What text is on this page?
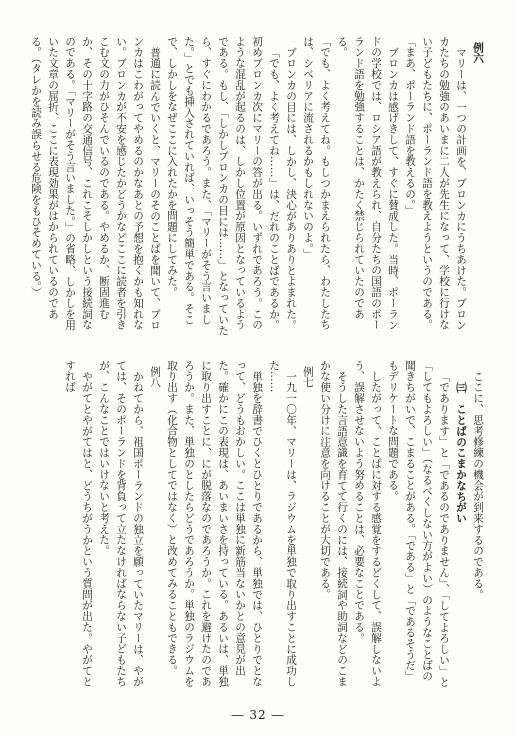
例六

マリーは、一つの計画を、ブロンカにうちあけた。ブロンカたちの勉強のあいまに二人が先生になって、学校に行けない子どもたちに、ポーランド語を教えようというのである。

「まあ、ポーランド語を教えるの。」

ブロンカは感げきして、すぐに賛成した。当時、ポーランドの学校では、ロシア語が教えられ、自分たちの国語のポーランド語を勉強することは、かたく禁じられていたのである。

「でも、よく考えてね。もしつかまえられたら、わたしたちは、シベリアに流されるかもしれないのよ。」

ブロンカの目には、しかし、決心がありありとよまれた。

「でも、よく考えてね……」は、だれのことばであるか。初めブロンカ次にマリーの答が出る。いずれであろう。このような混乱が起るのは、しかし位置が原因となっているようである。もし、「しかしブロンカの目には……」となっていたら、すぐにわかるであろう。また、「マリーがそう言いました。」とでも挿入されていれば、いっそう簡単である。そこで、しかしをなぜここに入れたかを問題にしてみた。

普通に読んでいくと、マリーのそのことばを聞いて、ブロンカはこわがってやめるのかなあとの予想を抱くかも知れない。ブロンカが不安を感じたかどうかなどここに読者を引きこむ文の力がひそんでいるのである。やめるか、断固進むか、その十字路の交通信号、これこそしかしという接続詞なのである。「マリーがそう言いました。」の省略、しかしを用いた文章の屈折、ここに表現効果がはかられているのである。（タレかを読み誤らせる危険をもひそめている。）

ここに、思考修練の機会が到来するのである。

㈢　ことばのこまかなちがい

「であります」と「であるのでありません」、「してよろしい」と「してもよろしい」（なるべくしない方がよい）のようなことばの聞きちがいで、こまることがある。「である」と「であるそうだ」もデリケートな問題である。

したがって、ことばに対する感覚をするどくして、誤解しないよう、誤解させないよう努めることは、必要なことである。

そうした言語意識を育てて行くのには、接続詞や助詞などのこまかな使い分けに注意を向けることが大切である。

例七

一九一〇年、マリーは、ラジウムを単独で取り出すことに成功した……

単独を辞書でひくとひとりであるから、単独では、ひとりでとなって、どうもおかしい。ここは単独に新筋当ないかとの意見が出た。確かにこの表現は、あいまいさを持っている。あるいは、単独に取り出すことに、にが脱落なのであろうか。これを避けたのであろうか。また、単独のとしたらどうであろうか。単独のラジウムを取り出す（化合物としてではなく）と改めてみることもできる。

例八

かねてから、祖国ポーランドの独立を願っていたマリーは、やがては、そのポーランドを背負って立たなければならない子どもたちが、こんなことではいけないと考えた。

やがてとやがてはと、どうちがうかという質問が出た。やがてとすれば

― 32 ―
